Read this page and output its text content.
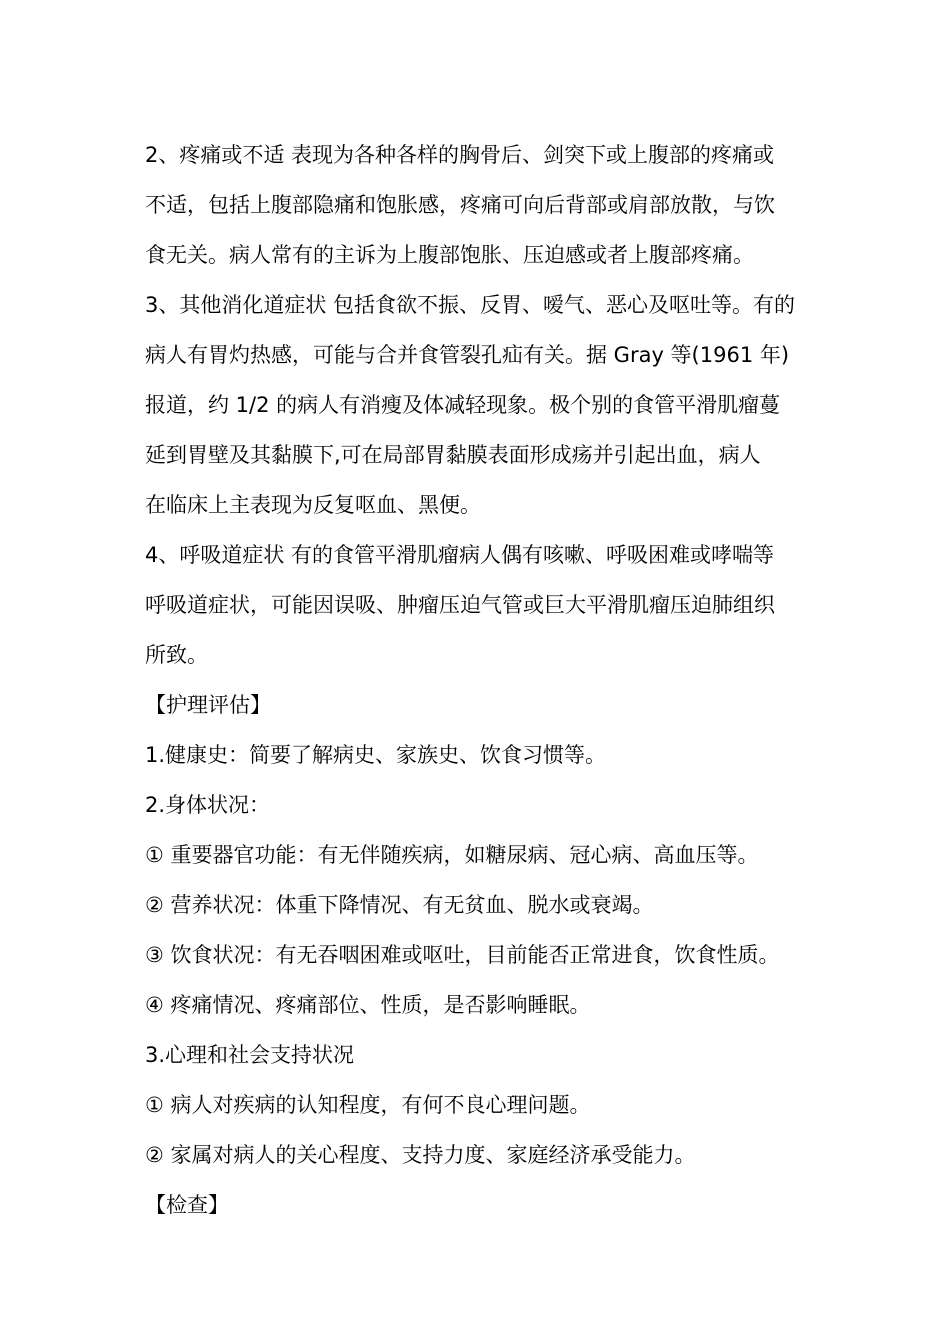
2、疼痛或不适 表现为各种各样的胸骨后、剑突下或上腹部的疼痛或
不适，包括上腹部隐痛和饱胀感，疼痛可向后背部或肩部放散，与饮
食无关。病人常有的主诉为上腹部饱胀、压迫感或者上腹部疼痛。
3、其他消化道症状 包括食欲不振、反胃、嗳气、恶心及呕吐等。有的
病人有胃灼热感，可能与合并食管裂孔疝有关。据 Gray 等(1961 年)
报道，约 1/2 的病人有消瘦及体减轻现象。极个别的食管平滑肌瘤蔓
延到胃壁及其黏膜下,可在局部胃黏膜表面形成疡并引起出血，病人
在临床上主表现为反复呕血、黑便。
4、呼吸道症状 有的食管平滑肌瘤病人偶有咳嗽、呼吸困难或哮喘等
呼吸道症状，可能因误吸、肿瘤压迫气管或巨大平滑肌瘤压迫肺组织
所致。
【护理评估】
1.健康史：简要了解病史、家族史、饮食习惯等。
2.身体状况：
① 重要器官功能：有无伴随疾病，如糖尿病、冠心病、高血压等。
② 营养状况：体重下降情况、有无贫血、脱水或衰竭。
③ 饮食状况：有无吞咽困难或呕吐，目前能否正常进食，饮食性质。
④ 疼痛情况、疼痛部位、性质，是否影响睡眠。
3.心理和社会支持状况
① 病人对疾病的认知程度，有何不良心理问题。
② 家属对病人的关心程度、支持力度、家庭经济承受能力。
【检查】
